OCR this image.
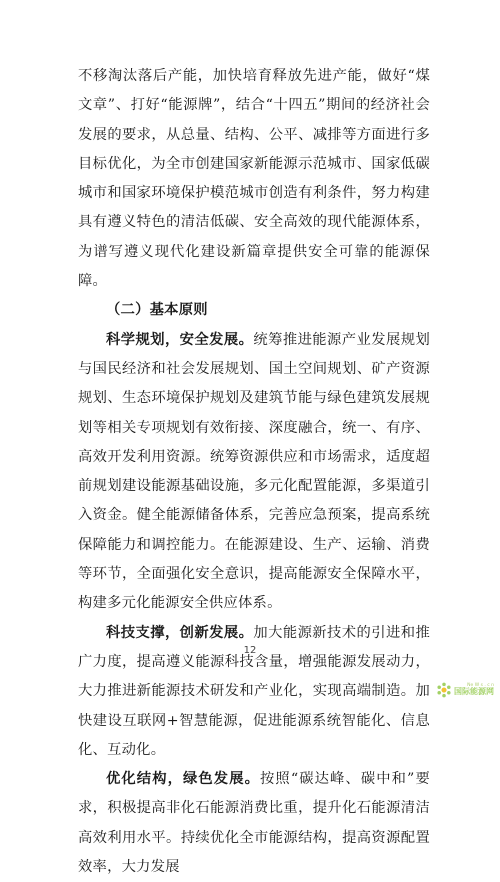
不移淘汰落后产能，加快培育释放先进产能，做好“煤文章”、打好“能源牌”，结合“十四五”期间的经济社会发展的要求，从总量、结构、公平、减排等方面进行多目标优化，为全市创建国家新能源示范城市、国家低碳城市和国家环境保护模范城市创造有利条件，努力构建具有遵义特色的清洁低碳、安全高效的现代能源体系，为谱写遵义现代化建设新篇章提供安全可靠的能源保障。

（二）基本原则

科学规划，安全发展。统筹推进能源产业发展规划与国民经济和社会发展规划、国土空间规划、矿产资源规划、生态环境保护规划及建筑节能与绿色建筑发展规划等相关专项规划有效衔接、深度融合，统一、有序、高效开发利用资源。统筹资源供应和市场需求，适度超前规划建设能源基础设施，多元化配置能源，多渠道引入资金。健全能源储备体系，完善应急预案，提高系统保障能力和调控能力。在能源建设、生产、运输、消费等环节，全面强化安全意识，提高能源安全保障水平，构建多元化能源安全供应体系。

科技支撑，创新发展。加大能源新技术的引进和推广力度，提高遵义能源科技含量，增强能源发展动力，大力推进新能源技术研发和产业化，实现高端制造。加快建设互联网+智慧能源，促进能源系统智能化、信息化、互动化。

优化结构，绿色发展。按照“碳达峰、碳中和”要求，积极提高非化石能源消费比重，提升化石能源清洁高效利用水平。持续优化全市能源结构，提高资源配置效率，大力发展

12
Ne W s . c n
国际能源网
